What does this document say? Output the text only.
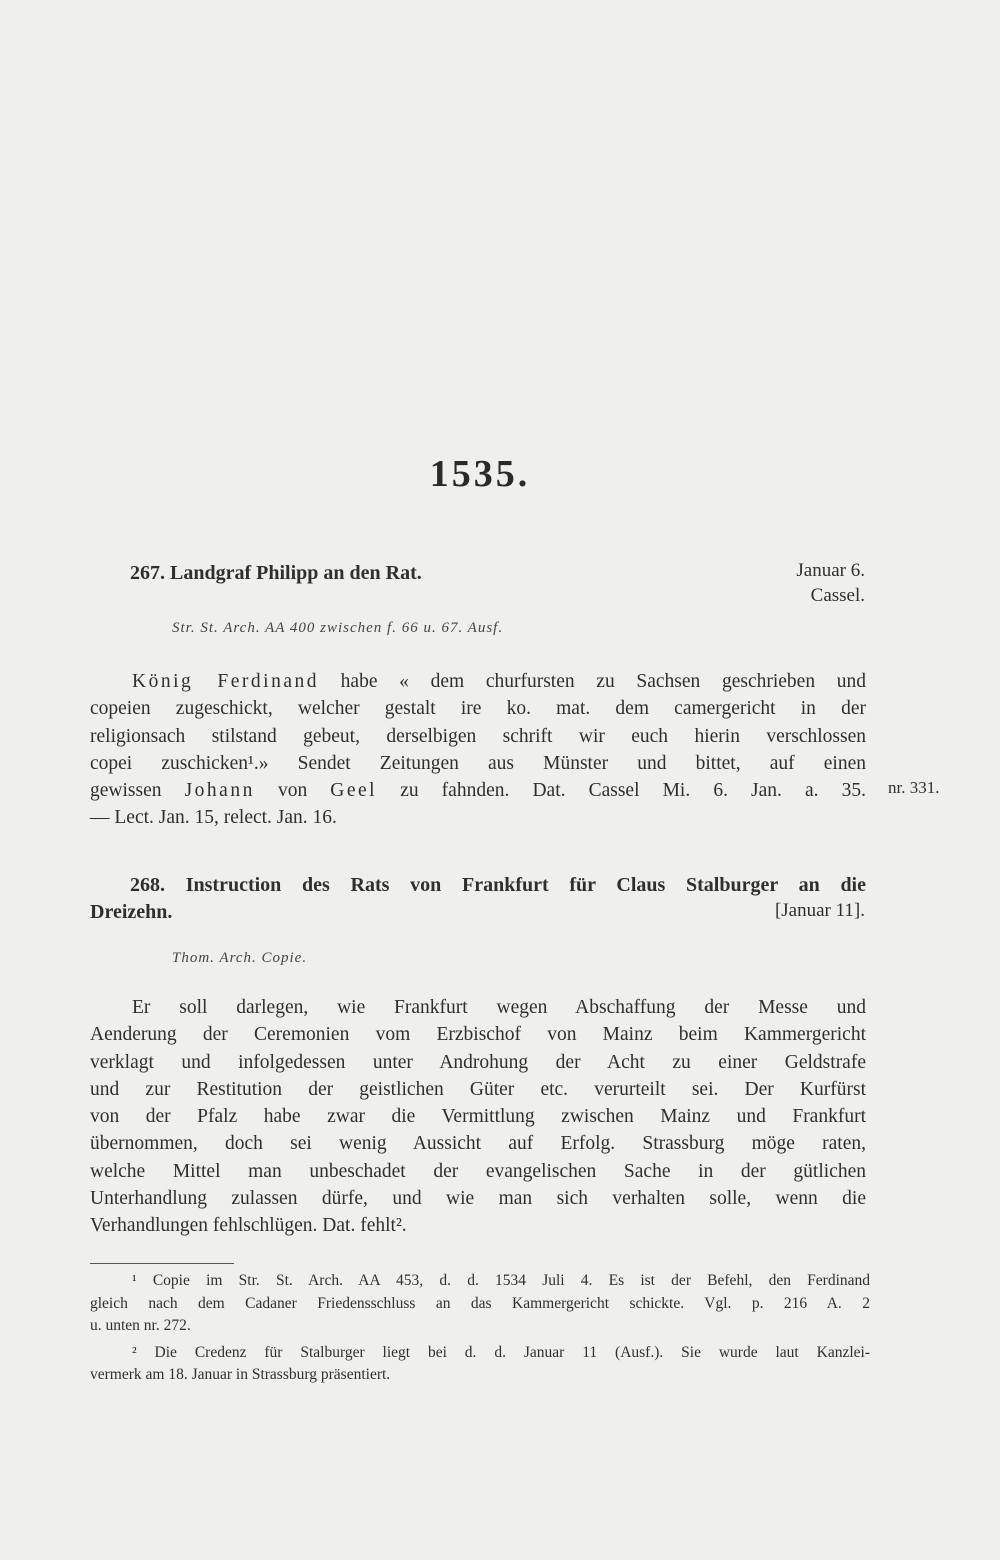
1535.
267. Landgraf Philipp an den Rat.	Januar 6.
Cassel.
Str. St. Arch. AA 400 zwischen f. 66 u. 67. Ausf.
König Ferdinand habe « dem churfursten zu Sachsen geschrieben und
copeien zugeschickt, welcher gestalt ire ko. mat. dem camergericht in der
religionsach stilstand gebeut, derselbigen schrift wir euch hierin verschlossen
copei zuschicken¹.» Sendet Zeitungen aus Münster und bittet, auf einen
gewissen Johann von Geel zu fahnden. Dat. Cassel Mi. 6. Jan. a. 35.
— Lect. Jan. 15, relect. Jan. 16.
nr. 331.
268. Instruction des Rats von Frankfurt für Claus Stalburger an die
Dreizehn.	[Januar 11].
Thom. Arch. Copie.
Er soll darlegen, wie Frankfurt wegen Abschaffung der Messe und
Aenderung der Ceremonien vom Erzbischof von Mainz beim Kammergericht
verklagt und infolgedessen unter Androhung der Acht zu einer Geldstrafe
und zur Restitution der geistlichen Güter etc. verurteilt sei. Der Kurfürst
von der Pfalz habe zwar die Vermittlung zwischen Mainz und Frankfurt
übernommen, doch sei wenig Aussicht auf Erfolg. Strassburg möge raten,
welche Mittel man unbeschadet der evangelischen Sache in der gütlichen
Unterhandlung zulassen dürfe, und wie man sich verhalten solle, wenn die
Verhandlungen fehlschlügen. Dat. fehlt².
¹ Copie im Str. St. Arch. AA 453, d. d. 1534 Juli 4. Es ist der Befehl, den Ferdinand
gleich nach dem Cadaner Friedensschluss an das Kammergericht schickte. Vgl. p. 216 A. 2
u. unten nr. 272.
² Die Credenz für Stalburger liegt bei d. d. Januar 11 (Ausf.). Sie wurde laut Kanzlei-
vermerk am 18. Januar in Strassburg präsentiert.
